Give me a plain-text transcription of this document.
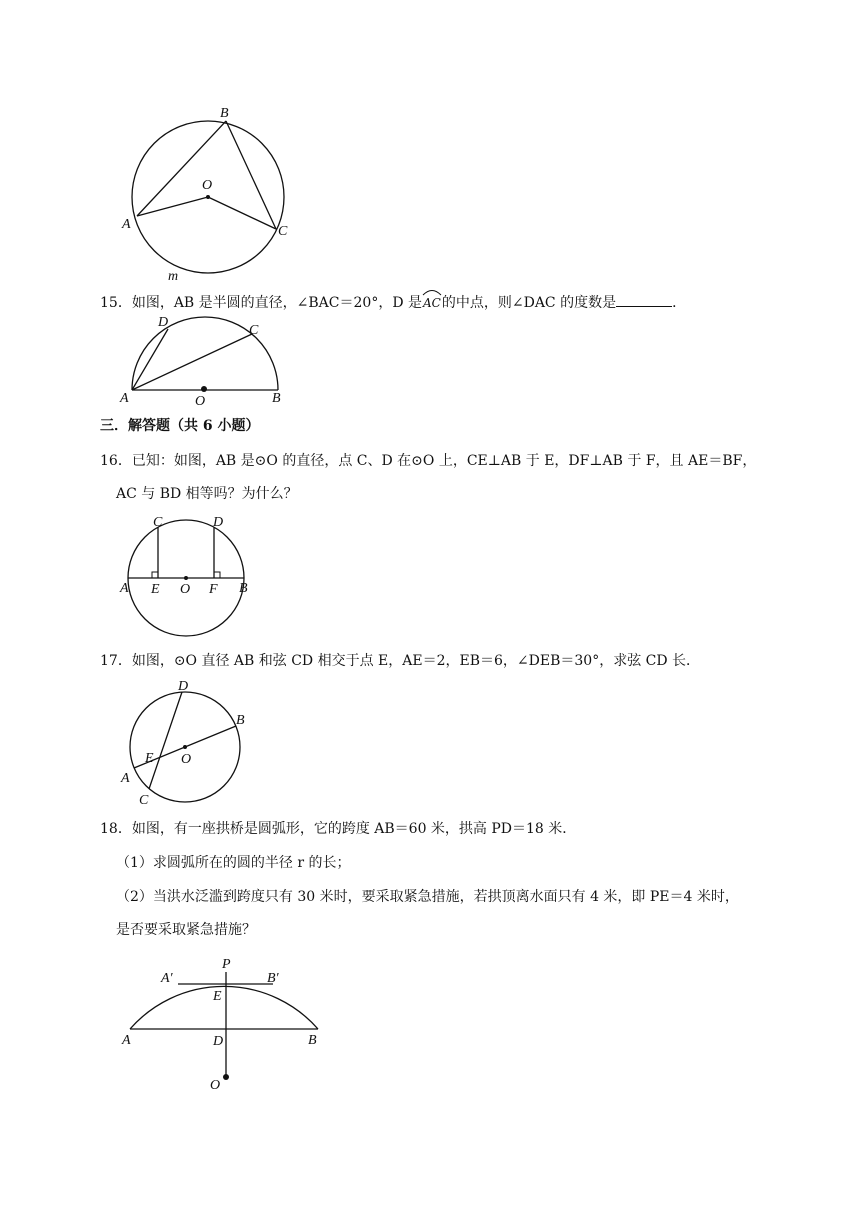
B
O
A	C
m
15．如图，AB 是半圆的直径，∠BAC＝20°，D 是
AC的中点，则∠DAC 的度数是	．
D
C
A	O	B
三．解答题（共 6 小题）
16．已知：如图，AB 是⊙O 的直径，点 C、D 在⊙O 上，CE⊥AB 于 E，DF⊥AB 于 F，且 AE＝BF，
AC 与 BD 相等吗？为什么？
C	D
A E O F B
17．如图，⊙O 直径 AB 和弦 CD 相交于点 E，AE＝2，EB＝6，∠DEB＝30°，求弦 CD 长．
D
B
E O
A
C
18．如图，有一座拱桥是圆弧形，它的跨度 AB＝60 米，拱高 PD＝18 米．
（1）求圆弧所在的圆的半径 r 的长；
（2）当洪水泛滥到跨度只有 30 米时，要采取紧急措施，若拱顶离水面只有 4 米，即 PE＝4 米时，
是否要采取紧急措施？
P
A′	B′
E
A	D	B
O
